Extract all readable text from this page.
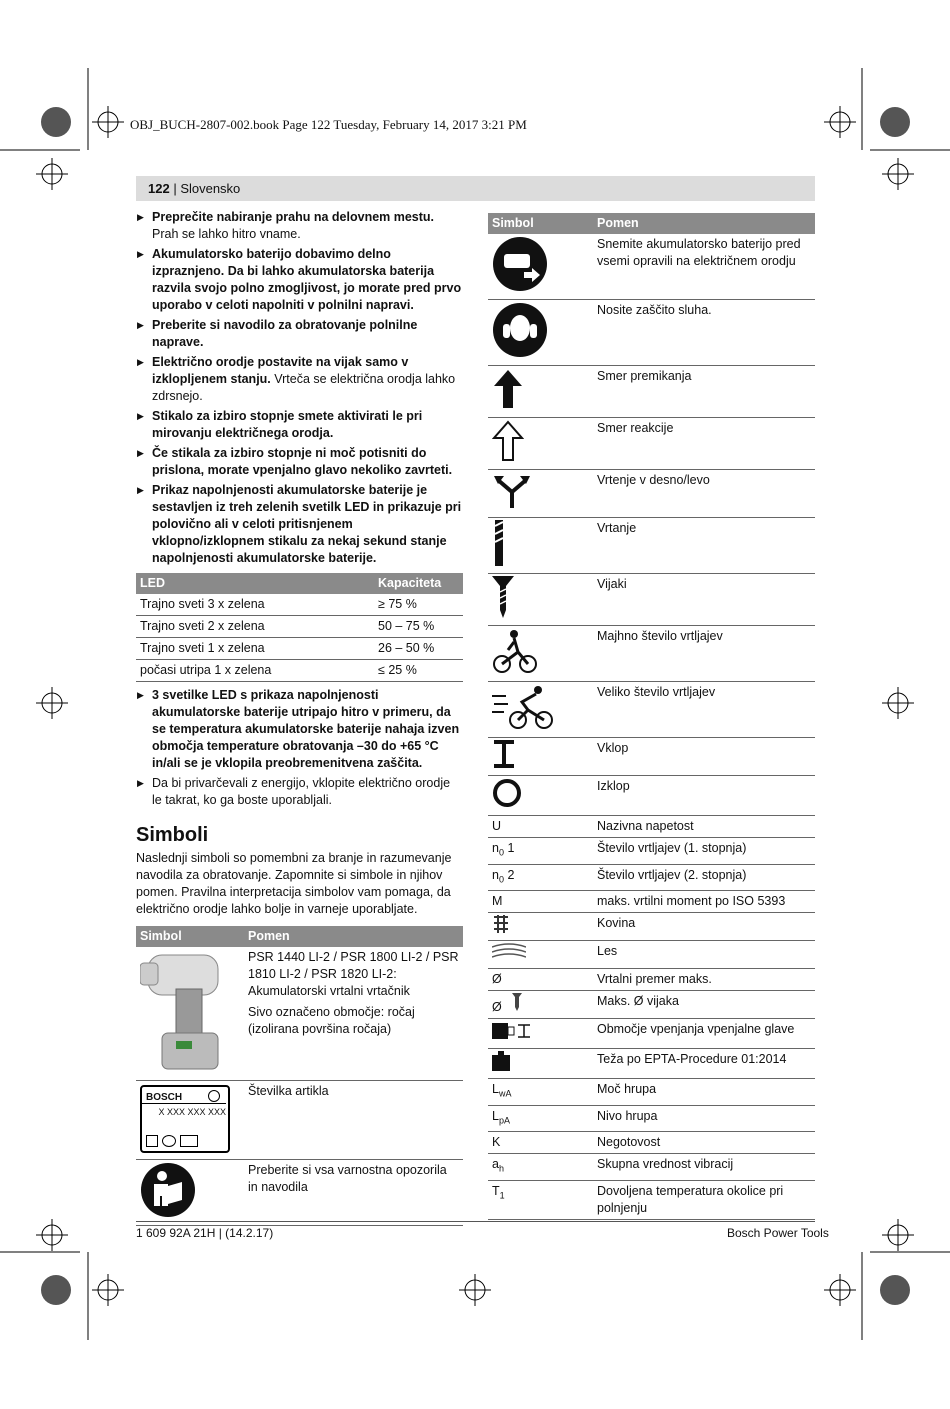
OBJ_BUCH-2807-002.book Page 122 Tuesday, February 14, 2017 3:21 PM
122 | Slovensko
▶ Preprečite nabiranje prahu na delovnem mestu. Prah se lahko hitro vname.
▶ Akumulatorsko baterijo dobavimo delno izpraznjeno. Da bi lahko akumulatorska baterija razvila svojo polno zmogljivost, jo morate pred prvo uporabo v celoti napolniti v polnilni napravi.
▶ Preberite si navodilo za obratovanje polnilne naprave.
▶ Električno orodje postavite na vijak samo v izklopljenem stanju. Vrteča se električna orodja lahko zdrsnejo.
▶ Stikalo za izbiro stopnje smete aktivirati le pri mirovanju električnega orodja.
▶ Če stikala za izbiro stopnje ni moč potisniti do prislona, morate vpenjalno glavo nekoliko zavrteti.
▶ Prikaz napolnjenosti akumulatorske baterije je sestavljen iz treh zelenih svetilk LED in prikazuje pri polovično ali v celoti pritisnjenem vklopno/izklopnem stikalu za nekaj sekund stanje napolnjenosti akumulatorske baterije.
LED	Kapaciteta
Trajno sveti 3 x zelena	≥ 75 %
Trajno sveti 2 x zelena	50 – 75 %
Trajno sveti 1 x zelena	26 – 50 %
počasi utripa 1 x zelena	≤ 25 %
▶ 3 svetilke LED s prikaza napolnjenosti akumulatorske baterije utripajo hitro v primeru, da se temperatura akumulatorske baterije nahaja izven območja temperature obratovanja –30 do +65 °C in/ali se je vklopila preobremenitvena zaščita.
▶ Da bi privarčevali z energijo, vklopite električno orodje le takrat, ko ga boste uporabljali.
Simboli
Naslednji simboli so pomembni za branje in razumevanje navodila za obratovanje. Zapomnite si simbole in njihov pomen. Pravilna interpretacija simbolov vam pomaga, da električno orodje lahko bolje in varneje uporabljate.
Simbol	Pomen

PSR 1440 LI-2 / PSR 1800 LI-2 / PSR 1810 LI-2 / PSR 1820 LI-2: Akumulatorski vrtalni vrtačnik
Sivo označeno območje: ročaj (izolirana površina ročaja)

BOSCH
X XXX XXX XXX	Številka artikla
	Preberite si vsa varnostna opozorila in navodila
Simbol	Pomen
	Snemite akumulatorsko baterijo pred vsemi opravili na električnem orodju
	Nosite zaščito sluha.
	Smer premikanja
	Smer reakcije
	Vrtenje v desno/levo
	Vrtanje
	Vijaki
	Majhno število vrtljajev
	Veliko število vrtljajev
	Vklop
	Izklop
U	Nazivna napetost
$n_0$ 1	Število vrtljajev (1. stopnja)
$n_0$ 2	Število vrtljajev (2. stopnja)
M	maks. vrtilni moment po ISO 5393
	Kovina
	Les
Ø	Vrtalni premer maks.
Ø	Maks. Ø vijaka
	Območje vpenjanja vpenjalne glave
	Teža po EPTA-Procedure 01:2014
$L_{wA}$	Moč hrupa
$L_{pA}$	Nivo hrupa
K	Negotovost
$a_h$	Skupna vrednost vibracij
$T_1$	Dovoljena temperatura okolice pri polnjenju
1 609 92A 21H | (14.2.17)	Bosch Power Tools
